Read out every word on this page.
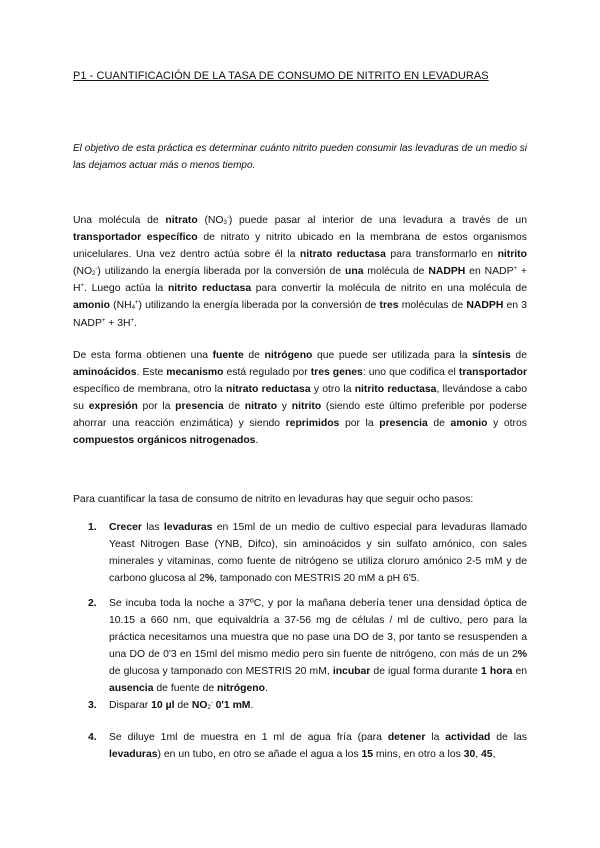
P1 - CUANTIFICACIÓN DE LA TASA DE CONSUMO DE NITRITO EN LEVADURAS

El objetivo de esta práctica es determinar cuánto nitrito pueden consumir las levaduras de un medio si las dejamos actuar más o menos tiempo.

Una molécula de nitrato $(NO_3^-)$ puede pasar al interior de una levadura a través de un transportador específico de nitrato y nitrito ubicado en la membrana de estos organismos unicelulares. Una vez dentro actúa sobre él la nitrato reductasa para transformarlo en nitrito $(NO_2^-)$ utilizando la energía liberada por la conversión de una molécula de NADPH en NADP+ + H+. Luego actúa la nitrito reductasa para convertir la molécula de nitrito en una molécula de amonio $(NH_4^+)$ utilizando la energía liberada por la conversión de tres moléculas de NADPH en 3 NADP+ + 3H+.

De esta forma obtienen una fuente de nitrógeno que puede ser utilizada para la síntesis de aminoácidos. Este mecanismo está regulado por tres genes: uno que codifica el transportador específico de membrana, otro la nitrato reductasa y otro la nitrito reductasa, llevándose a cabo su expresión por la presencia de nitrato y nitrito (siendo este último preferible por poderse ahorrar una reacción enzimática) y siendo reprimidos por la presencia de amonio y otros compuestos orgánicos nitrogenados.

Para cuantificar la tasa de consumo de nitrito en levaduras hay que seguir ocho pasos:

1. Crecer las levaduras en 15ml de un medio de cultivo especial para levaduras llamado Yeast Nitrogen Base (YNB, Difco), sin aminoácidos y sin sulfato amónico, con sales minerales y vitaminas, como fuente de nitrógeno se utiliza cloruro amónico 2-5 mM y de carbono glucosa al 2%, tamponado con MESTRIS 20 mM a pH 6'5.
2. Se incuba toda la noche a 37ºC, y por la mañana debería tener una densidad óptica de 10.15 a 660 nm, que equivaldría a 37-56 mg de células / ml de cultivo, pero para la práctica necesitamos una muestra que no pase una DO de 3, por tanto se resuspenden a una DO de 0'3 en 15ml del mismo medio pero sin fuente de nitrógeno, con más de un 2% de glucosa y tamponado con MESTRIS 20 mM, incubar de igual forma durante 1 hora en ausencia de fuente de nitrógeno.
3. Disparar 10 µl de $NO_2^-$ 0'1 mM.
4. Se diluye 1ml de muestra en 1 ml de agua fría (para detener la actividad de las levaduras) en un tubo, en otro se añade el agua a los 15 mins, en otro a los 30, 45,
